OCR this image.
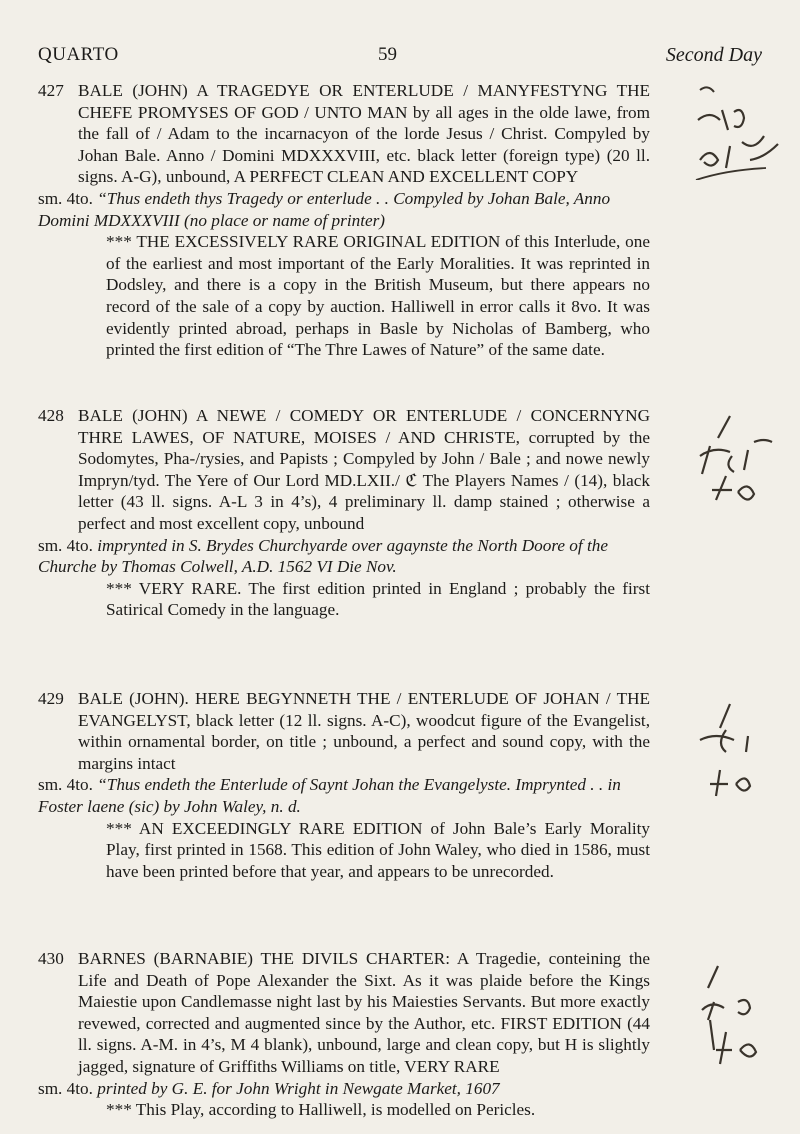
QUARTO	59	Second Day
427 BALE (JOHN) A TRAGEDYE OR ENTERLUDE / MANYFESTYNG THE CHEFE PROMYSES OF GOD / UNTO MAN by all ages in the olde lawe, from the fall of / Adam to the incarnacyon of the lorde Jesus / Christ. Compyled by Johan Bale. Anno / Domini MDXXXVIII, etc. black letter (foreign type) (20 ll. signs. A-G), unbound, A PERFECT CLEAN AND EXCELLENT COPY
sm. 4to. “Thus endeth thys Tragedy or enterlude . . Compyled by Johan Bale, Anno Domini MDXXXVIII (no place or name of printer)
*** THE EXCESSIVELY RARE ORIGINAL EDITION of this Interlude, one of the earliest and most important of the Early Moralities. It was reprinted in Dodsley, and there is a copy in the British Museum, but there appears no record of the sale of a copy by auction. Halliwell in error calls it 8vo. It was evidently printed abroad, perhaps in Basle by Nicholas of Bamberg, who printed the first edition of “The Thre Lawes of Nature” of the same date.
428 BALE (JOHN) A NEWE / COMEDY OR ENTERLUDE / CONCERNYNG THRE LAWES, OF NATURE, MOISES / AND CHRISTE, corrupted by the Sodomytes, Pha-/rysies, and Papists ; Compyled by John / Bale ; and nowe newly Impryn/tyd. The Yere of Our Lord MD.LXII./ ℭ The Players Names / (14), black letter (43 ll. signs. A-L 3 in 4’s), 4 preliminary ll. damp stained ; otherwise a perfect and most excellent copy, unbound
sm. 4to. imprynted in S. Brydes Churchyarde over agaynste the North Doore of the Churche by Thomas Colwell, A.D. 1562 VI Die Nov.
*** VERY RARE. The first edition printed in England ; probably the first Satirical Comedy in the language.
429 BALE (JOHN). HERE BEGYNNETH THE / ENTERLUDE OF JOHAN / THE EVANGELYST, black letter (12 ll. signs. A-C), woodcut figure of the Evangelist, within ornamental border, on title ; unbound, a perfect and sound copy, with the margins intact
sm. 4to. “Thus endeth the Enterlude of Saynt Johan the Evangelyste. Imprynted . . in Foster laene (sic) by John Waley, n. d.
*** AN EXCEEDINGLY RARE EDITION of John Bale’s Early Morality Play, first printed in 1568. This edition of John Waley, who died in 1586, must have been printed before that year, and appears to be unrecorded.
430 BARNES (BARNABIE) THE DIVILS CHARTER: A Tragedie, conteining the Life and Death of Pope Alexander the Sixt. As it was plaide before the Kings Maiestie upon Candlemasse night last by his Maiesties Servants. But more exactly revewed, corrected and augmented since by the Author, etc. FIRST EDITION (44 ll. signs. A-M. in 4’s, M 4 blank), unbound, large and clean copy, but H is slightly jagged, signature of Griffiths Williams on title, VERY RARE
sm. 4to. printed by G. E. for John Wright in Newgate Market, 1607
*** This Play, according to Halliwell, is modelled on Pericles.
